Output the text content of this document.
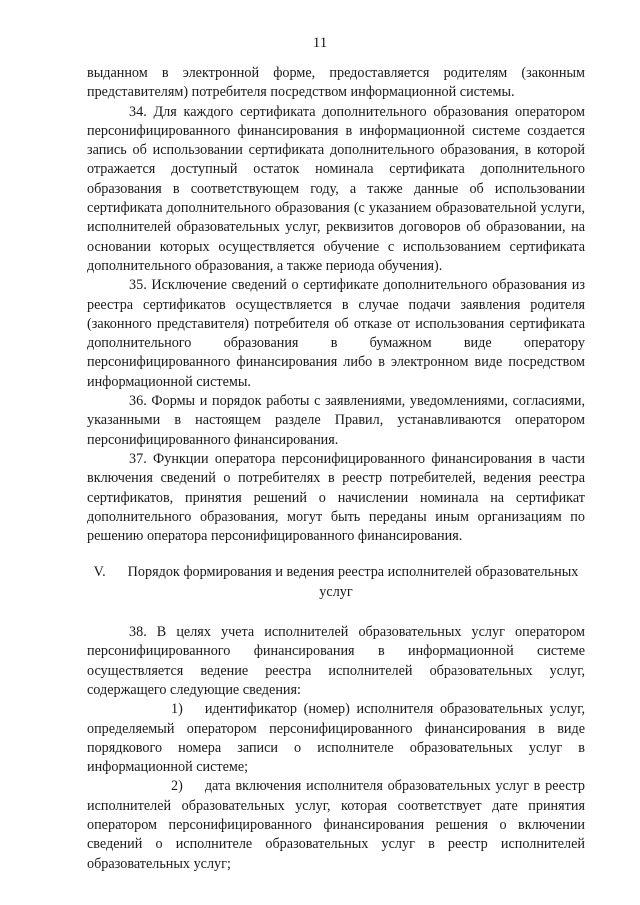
11

выданном в электронной форме, предоставляется родителям (законным представителям) потребителя посредством информационной системы.

34. Для каждого сертификата дополнительного образования оператором персонифицированного финансирования в информационной системе создается запись об использовании сертификата дополнительного образования, в которой отражается доступный остаток номинала сертификата дополнительного образования в соответствующем году, а также данные об использовании сертификата дополнительного образования (с указанием образовательной услуги, исполнителей образовательных услуг, реквизитов договоров об образовании, на основании которых осуществляется обучение с использованием сертификата дополнительного образования, а также периода обучения).

35. Исключение сведений о сертификате дополнительного образования из реестра сертификатов осуществляется в случае подачи заявления родителя (законного представителя) потребителя об отказе от использования сертификата дополнительного образования в бумажном виде оператору персонифицированного финансирования либо в электронном виде посредством информационной системы.

36. Формы и порядок работы с заявлениями, уведомлениями, согласиями, указанными в настоящем разделе Правил, устанавливаются оператором персонифицированного финансирования.

37. Функции оператора персонифицированного финансирования в части включения сведений о потребителях в реестр потребителей, ведения реестра сертификатов, принятия решений о начислении номинала на сертификат дополнительного образования, могут быть переданы иным организациям по решению оператора персонифицированного финансирования.

V. Порядок формирования и ведения реестра исполнителей образовательных услуг

38. В целях учета исполнителей образовательных услуг оператором персонифицированного финансирования в информационной системе осуществляется ведение реестра исполнителей образовательных услуг, содержащего следующие сведения:

1) идентификатор (номер) исполнителя образовательных услуг, определяемый оператором персонифицированного финансирования в виде порядкового номера записи о исполнителе образовательных услуг в информационной системе;

2) дата включения исполнителя образовательных услуг в реестр исполнителей образовательных услуг, которая соответствует дате принятия оператором персонифицированного финансирования решения о включении сведений о исполнителе образовательных услуг в реестр исполнителей образовательных услуг;
